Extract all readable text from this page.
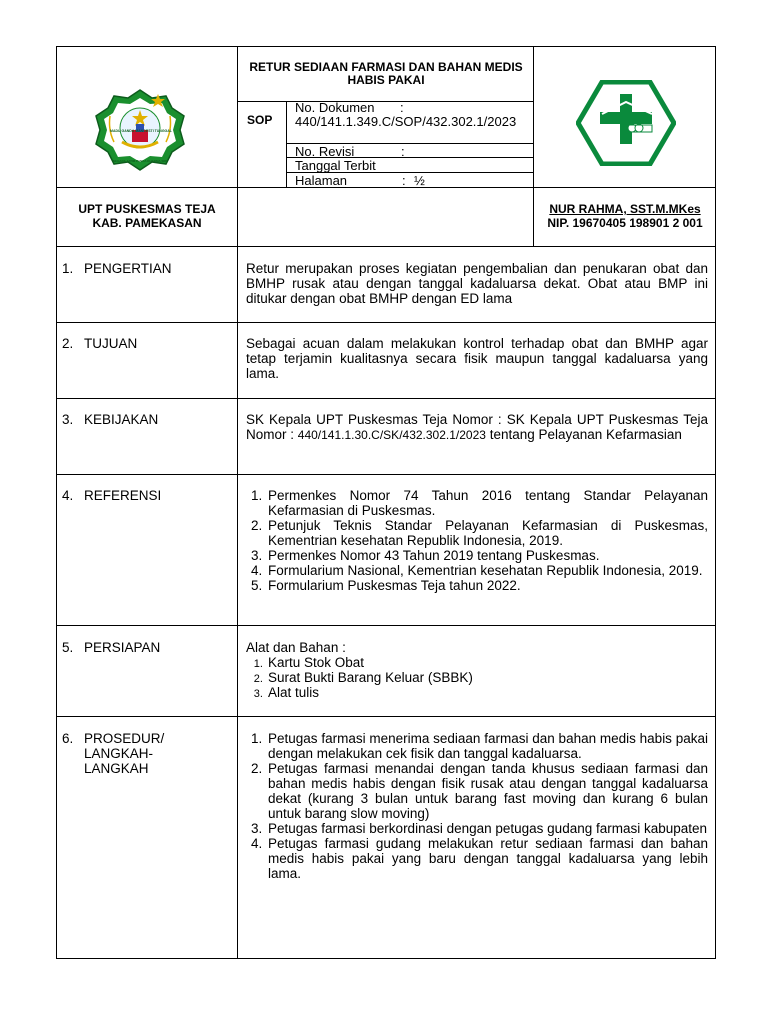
MADU GANDA MANGESTI TUNGGAL
NEGARA JATIM PANCA DHARMA SIRI
RETUR SEDIAAN FARMASI DAN BAHAN MEDIS HABIS PAKAI
SOP
No. Dokumen :
440/141.1.349.C/SOP/432.302.1/2023
No. Revisi	:
Tanggal Terbit
Halaman	: ½
UPT PUSKESMAS TEJA
KAB. PAMEKASAN
NUR RAHMA, SST.M.MKes
NIP. 19670405 198901 2 001
1. PENGERTIAN	Retur merupakan proses kegiatan pengembalian dan penukaran obat dan BMHP rusak atau dengan tanggal kadaluarsa dekat. Obat atau BMP ini ditukar dengan obat BMHP dengan ED lama
2. TUJUAN	Sebagai acuan dalam melakukan kontrol terhadap obat dan BMHP agar tetap terjamin kualitasnya secara fisik maupun tanggal kadaluarsa yang lama.
3. KEBIJAKAN	SK Kepala UPT Puskesmas Teja Nomor : SK Kepala UPT Puskesmas Teja Nomor : 440/141.1.30.C/SK/432.302.1/2023 tentang Pelayanan Kefarmasian
4. REFERENSI
1.	Permenkes Nomor 74 Tahun 2016 tentang Standar Pelayanan Kefarmasian di Puskesmas.
2. Petunjuk Teknis Standar Pelayanan Kefarmasian di Puskesmas, Kementrian kesehatan Republik Indonesia, 2019.
3. Permenkes Nomor 43 Tahun 2019 tentang Puskesmas.
4. Formularium Nasional, Kementrian kesehatan Republik Indonesia, 2019.
5. Formularium Puskesmas Teja tahun 2022.
5. PERSIAPAN	Alat dan Bahan :
1. Kartu Stok Obat
2. Surat Bukti Barang Keluar (SBBK)
3. Alat tulis
6. PROSEDUR/
LANGKAH-
LANGKAH
1. Petugas farmasi menerima sediaan farmasi dan bahan medis habis pakai dengan melakukan cek fisik dan tanggal kadaluarsa.
2. Petugas farmasi menandai dengan tanda khusus sediaan farmasi dan bahan medis habis dengan fisik rusak atau dengan tanggal kadaluarsa dekat (kurang 3 bulan untuk barang fast moving dan kurang 6 bulan untuk barang slow moving)
3. Petugas farmasi berkordinasi dengan petugas gudang farmasi kabupaten
4. Petugas farmasi gudang melakukan retur sediaan farmasi dan bahan medis habis pakai yang baru dengan tanggal kadaluarsa yang lebih lama.
